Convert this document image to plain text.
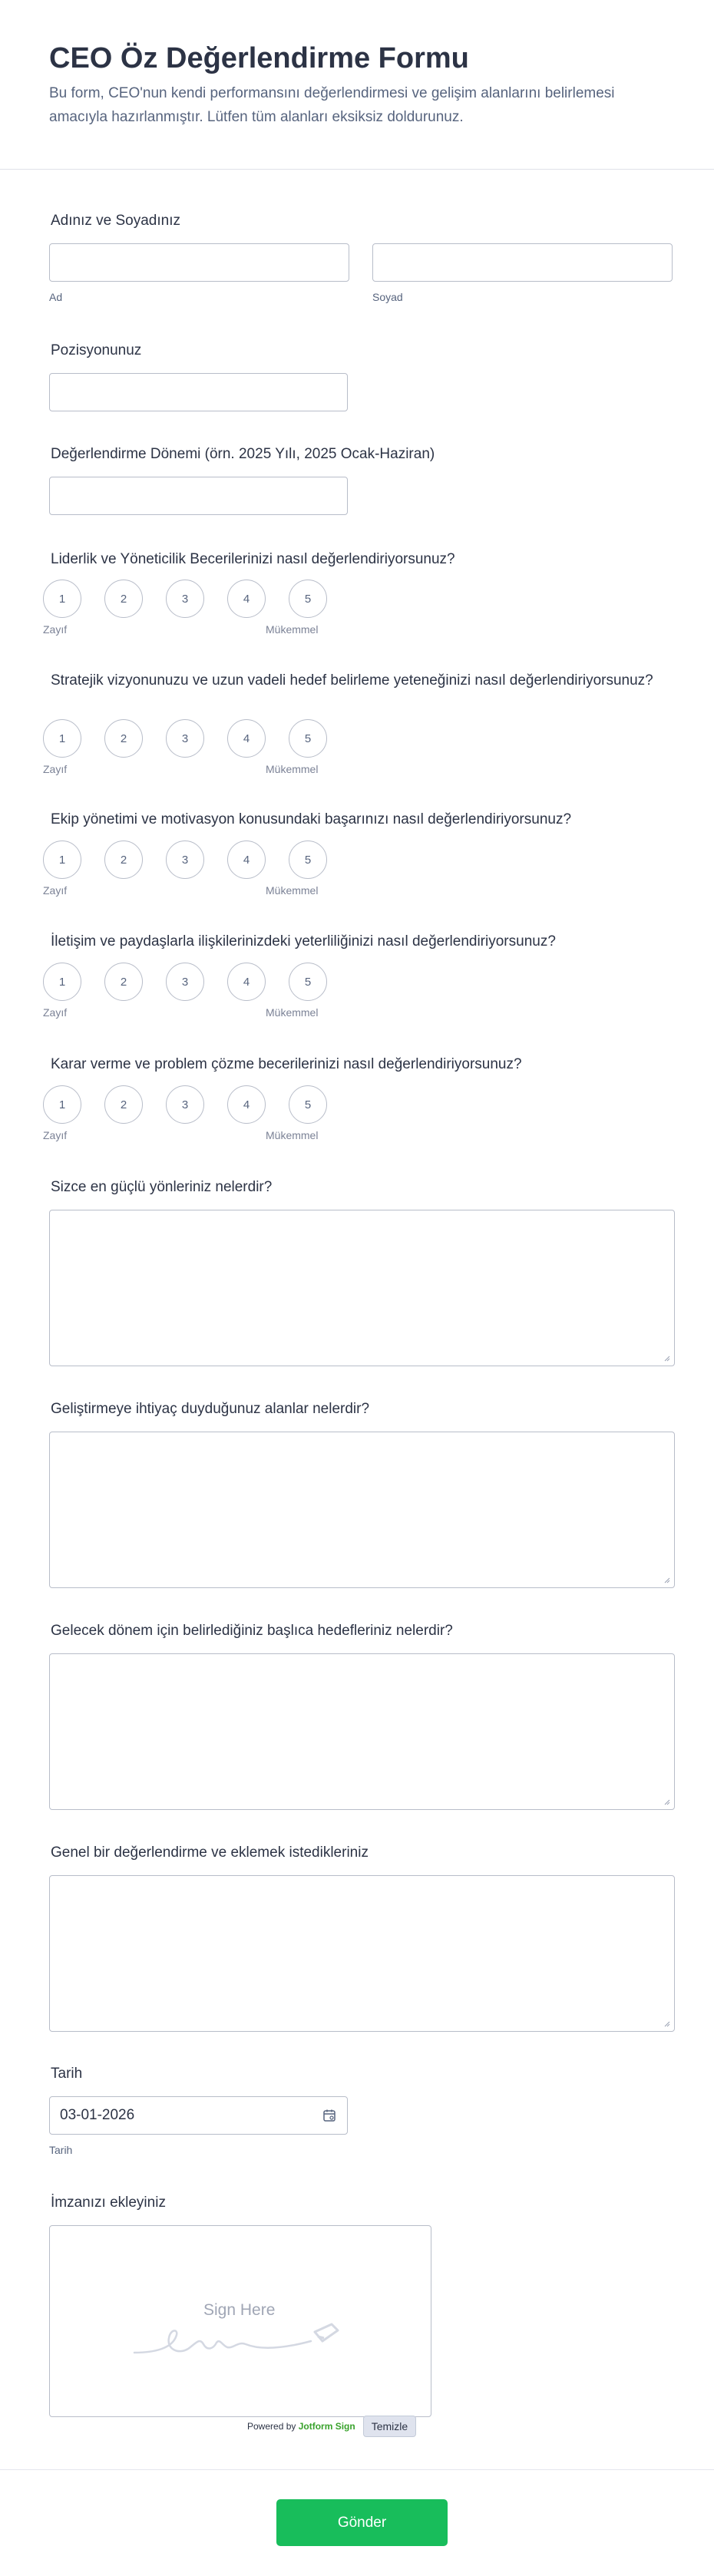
CEO Öz Değerlendirme Formu

Bu form, CEO'nun kendi performansını değerlendirmesi ve gelişim alanlarını belirlemesi amacıyla hazırlanmıştır. Lütfen tüm alanları eksiksiz doldurunuz.

Adınız ve Soyadınız
Ad	Soyad
Pozisyonunuz
Değerlendirme Dönemi (örn. 2025 Yılı, 2025 Ocak-Haziran)
Liderlik ve Yöneticilik Becerilerinizi nasıl değerlendiriyorsunuz?
1	2	3	4	5
Zayıf	Mükemmel
Stratejik vizyonunuzu ve uzun vadeli hedef belirleme yeteneğinizi nasıl değerlendiriyorsunuz?
1	2	3	4	5
Zayıf	Mükemmel
Ekip yönetimi ve motivasyon konusundaki başarınızı nasıl değerlendiriyorsunuz?
1	2	3	4	5
Zayıf	Mükemmel
İletişim ve paydaşlarla ilişkilerinizdeki yeterliliğinizi nasıl değerlendiriyorsunuz?
1	2	3	4	5
Zayıf	Mükemmel
Karar verme ve problem çözme becerilerinizi nasıl değerlendiriyorsunuz?
1	2	3	4	5
Zayıf	Mükemmel
Sizce en güçlü yönleriniz nelerdir?
Geliştirmeye ihtiyaç duyduğunuz alanlar nelerdir?
Gelecek dönem için belirlediğiniz başlıca hedefleriniz nelerdir?
Genel bir değerlendirme ve eklemek istedikleriniz
Tarih
03-01-2026
Tarih
İmzanızı ekleyiniz
Sign Here
Powered by Jotform Sign	Temizle
Gönder
